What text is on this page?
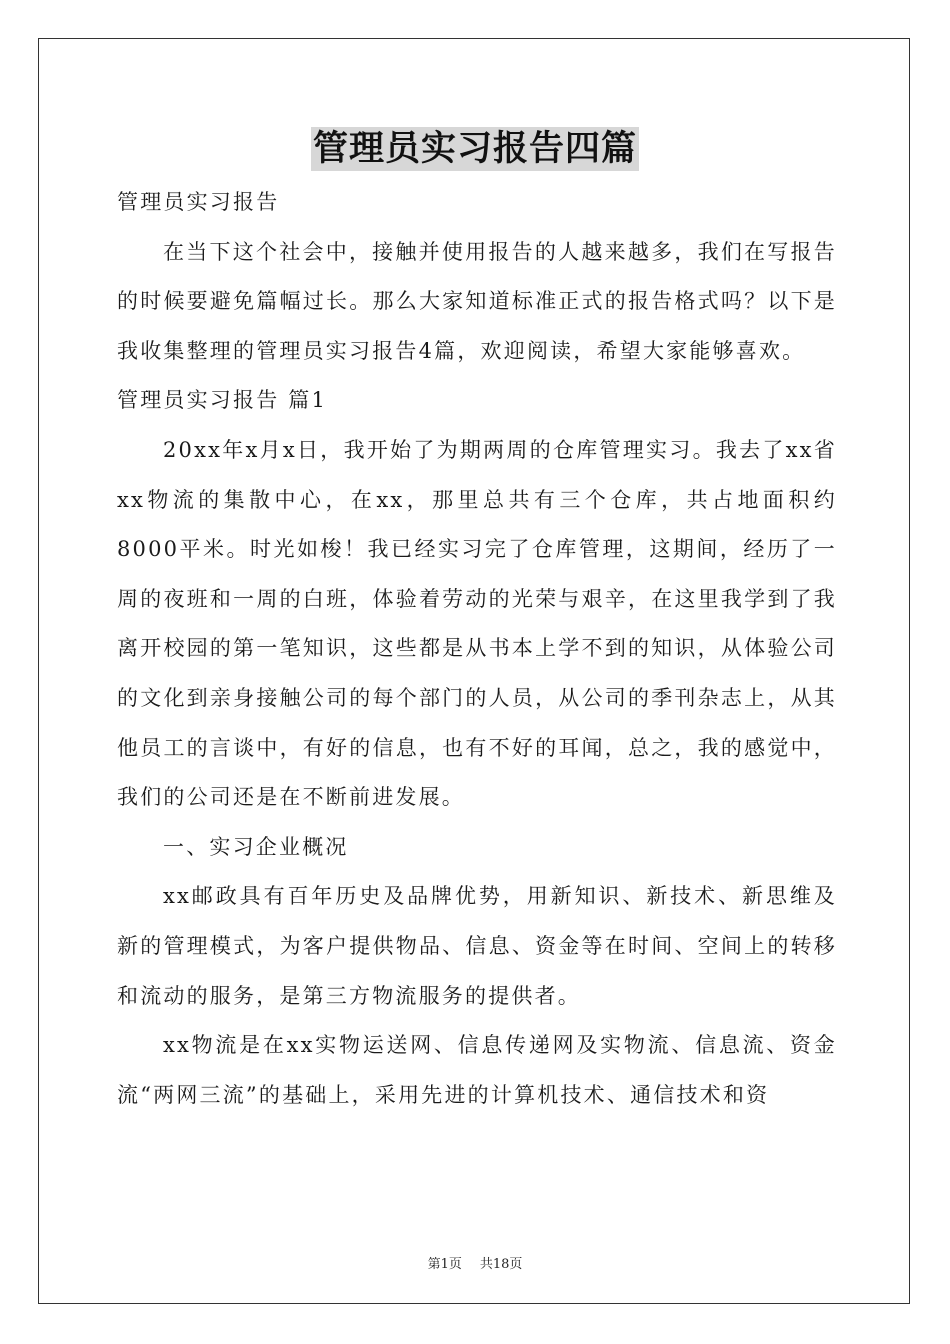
管理员实习报告四篇

管理员实习报告

在当下这个社会中，接触并使用报告的人越来越多，我们在写报告的时候要避免篇幅过长。那么大家知道标准正式的报告格式吗？以下是我收集整理的管理员实习报告4篇，欢迎阅读，希望大家能够喜欢。

管理员实习报告 篇1

20xx年x月x日，我开始了为期两周的仓库管理实习。我去了xx省xx物流的集散中心，在xx，那里总共有三个仓库，共占地面积约8000平米。时光如梭！我已经实习完了仓库管理，这期间，经历了一周的夜班和一周的白班，体验着劳动的光荣与艰辛，在这里我学到了我离开校园的第一笔知识，这些都是从书本上学不到的知识，从体验公司的文化到亲身接触公司的每个部门的人员，从公司的季刊杂志上，从其他员工的言谈中，有好的信息，也有不好的耳闻，总之，我的感觉中，我们的公司还是在不断前进发展。

一、实习企业概况

xx邮政具有百年历史及品牌优势，用新知识、新技术、新思维及新的管理模式，为客户提供物品、信息、资金等在时间、空间上的转移和流动的服务，是第三方物流服务的提供者。

xx物流是在xx实物运送网、信息传递网及实物流、信息流、资金流“两网三流”的基础上，采用先进的计算机技术、通信技术和资

第1页 共18页
